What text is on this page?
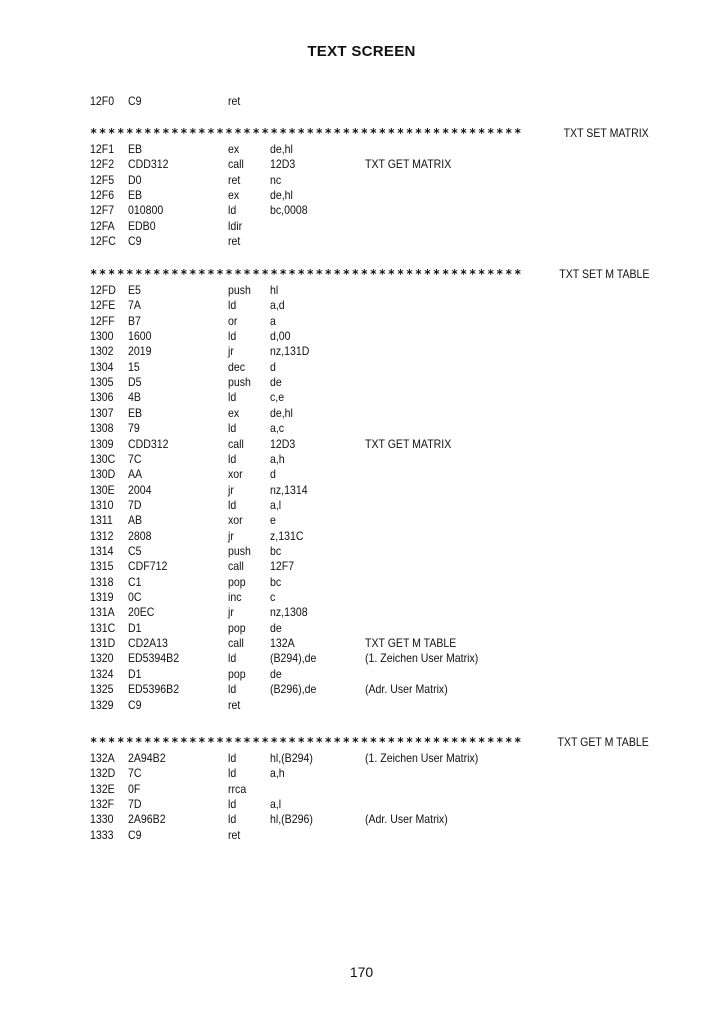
TEXT SCREEN
12F0 C9	ret
************************************************	TXT SET MATRIX
12F1 EB	ex	de,hl
12F2 CDD312	call 12D3	TXT GET MATRIX
12F5 D0	ret nc
12F6 EB	ex	de,hl
12F7 010800	ld	bc,0008
12FA EDB0	ldir
12FC C9	ret
************************************************	TXT SET M TABLE
12FD E5	push hl
12FE 7A	ld	a,d
12FF B7	or	a
1300 1600	ld	d,00
1302 2019	jr	nz,131D
1304 15	dec d
1305 D5	push de
1306 4B	ld	c,e
1307 EB	ex	de,hl
1308 79	ld	a,c
1309 CDD312	call 12D3	TXT GET MATRIX
130C 7C	ld	a,h
130D AA	xor d
130E 2004	jr	nz,1314
1310 7D	ld	a,l
1311 AB	xor e
1312 2808	jr	z,131C
1314 C5	push bc
1315 CDF712	call 12F7
1318 C1	pop bc
1319 0C	inc c
131A 20EC	jr	nz,1308
131C D1	pop de
131D CD2A13	call 132A	TXT GET M TABLE
1320 ED5394B2	ld	(B294),de	(1. Zeichen User Matrix)
1324 D1	pop de
1325 ED5396B2	ld	(B296),de	(Adr. User Matrix)
1329 C9	ret
************************************************	TXT GET M TABLE
132A 2A94B2	ld	hl,(B294)	(1. Zeichen User Matrix)
132D 7C	ld	a,h
132E 0F	rrca
132F 7D	ld	a,l
1330 2A96B2	ld	hl,(B296)	(Adr. User Matrix)
1333 C9	ret
170
